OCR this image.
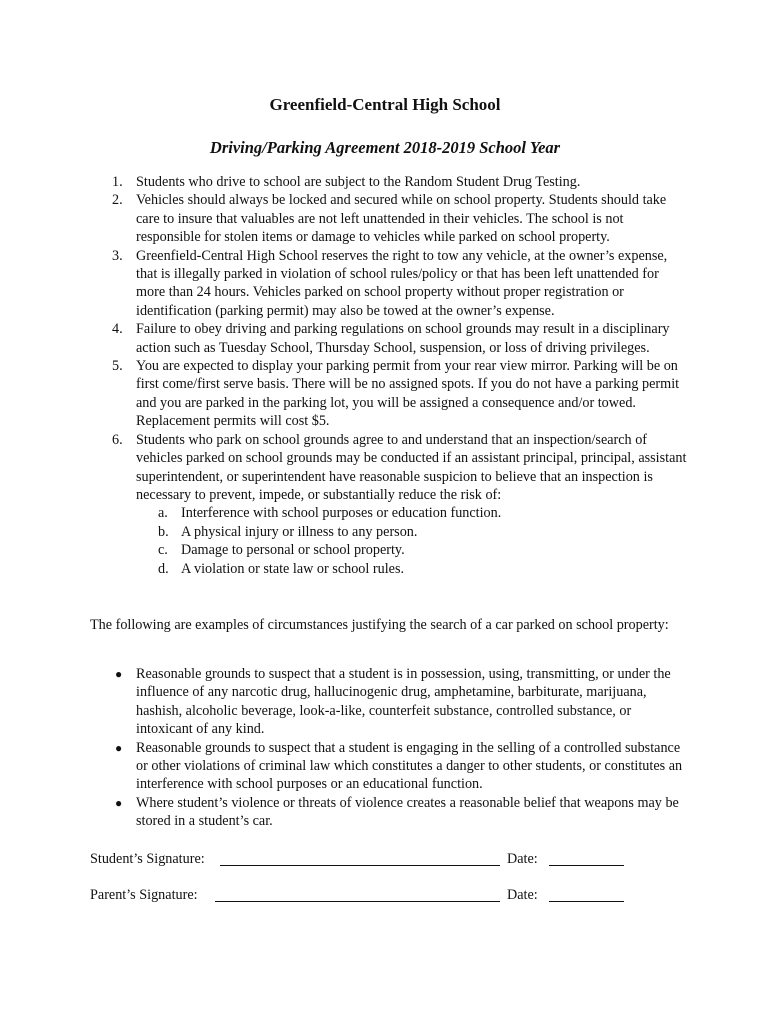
Greenfield-Central High School
Driving/Parking Agreement 2018-2019 School Year
1. Students who drive to school are subject to the Random Student Drug Testing.
2. Vehicles should always be locked and secured while on school property. Students should take care to insure that valuables are not left unattended in their vehicles. The school is not responsible for stolen items or damage to vehicles while parked on school property.
3. Greenfield-Central High School reserves the right to tow any vehicle, at the owner’s expense, that is illegally parked in violation of school rules/policy or that has been left unattended for more than 24 hours. Vehicles parked on school property without proper registration or identification (parking permit) may also be towed at the owner’s expense.
4. Failure to obey driving and parking regulations on school grounds may result in a disciplinary action such as Tuesday School, Thursday School, suspension, or loss of driving privileges.
5. You are expected to display your parking permit from your rear view mirror. Parking will be on first come/first serve basis. There will be no assigned spots. If you do not have a parking permit and you are parked in the parking lot, you will be assigned a consequence and/or towed. Replacement permits will cost $5.
6. Students who park on school grounds agree to and understand that an inspection/search of vehicles parked on school grounds may be conducted if an assistant principal, principal, assistant superintendent, or superintendent have reasonable suspicion to believe that an inspection is necessary to prevent, impede, or substantially reduce the risk of:
a. Interference with school purposes or education function.
b. A physical injury or illness to any person.
c. Damage to personal or school property.
d. A violation or state law or school rules.

The following are examples of circumstances justifying the search of a car parked on school property:

● Reasonable grounds to suspect that a student is in possession, using, transmitting, or under the influence of any narcotic drug, hallucinogenic drug, amphetamine, barbiturate, marijuana, hashish, alcoholic beverage, look-a-like, counterfeit substance, controlled substance, or intoxicant of any kind.
● Reasonable grounds to suspect that a student is engaging in the selling of a controlled substance or other violations of criminal law which constitutes a danger to other students, or constitutes an interference with school purposes or an educational function.
● Where student’s violence or threats of violence creates a reasonable belief that weapons may be stored in a student’s car.
Student’s Signature:	Date:
Parent’s Signature:	Date:
